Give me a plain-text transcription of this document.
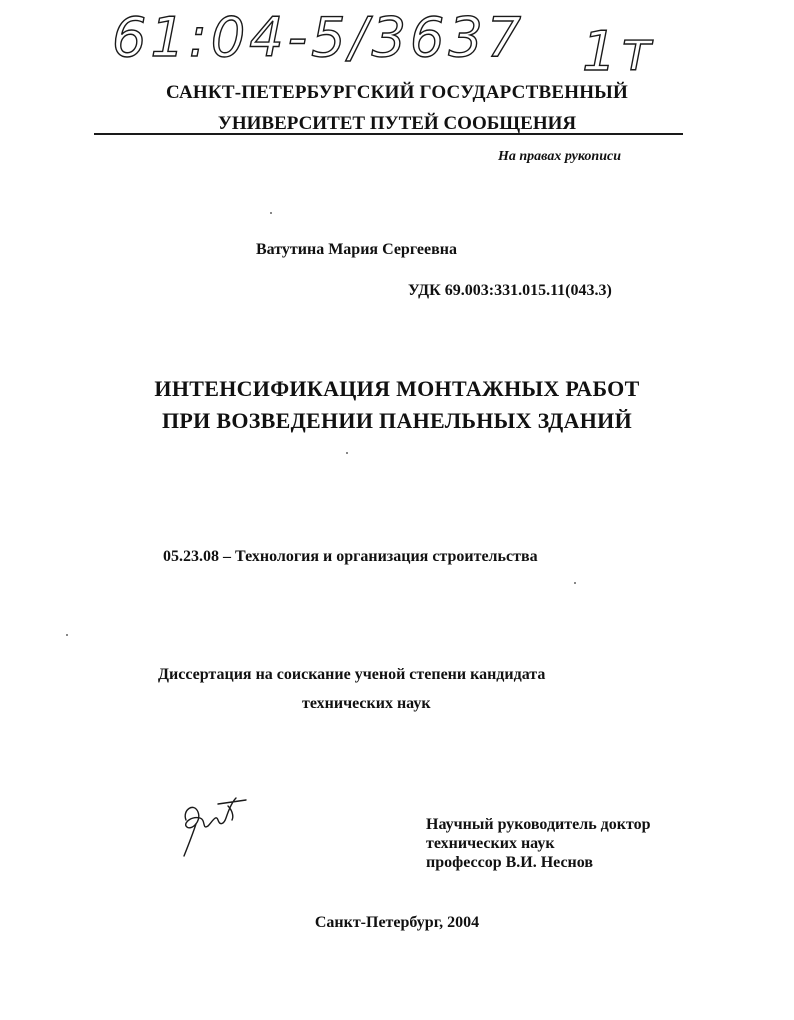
61:04-5/3637 1т
САНКТ-ПЕТЕРБУРГСКИЙ ГОСУДАРСТВЕННЫЙ
УНИВЕРСИТЕТ ПУТЕЙ СООБЩЕНИЯ
На правах рукописи
Ватутина Мария Сергеевна
УДК 69.003:331.015.11(043.3)
ИНТЕНСИФИКАЦИЯ МОНТАЖНЫХ РАБОТ
ПРИ ВОЗВЕДЕНИИ ПАНЕЛЬНЫХ ЗДАНИЙ
05.23.08 – Технология и организация строительства
Диссертация на соискание ученой степени кандидата
технических наук
Научный руководитель доктор
технических наук
профессор В.И. Неснов
Санкт-Петербург, 2004
